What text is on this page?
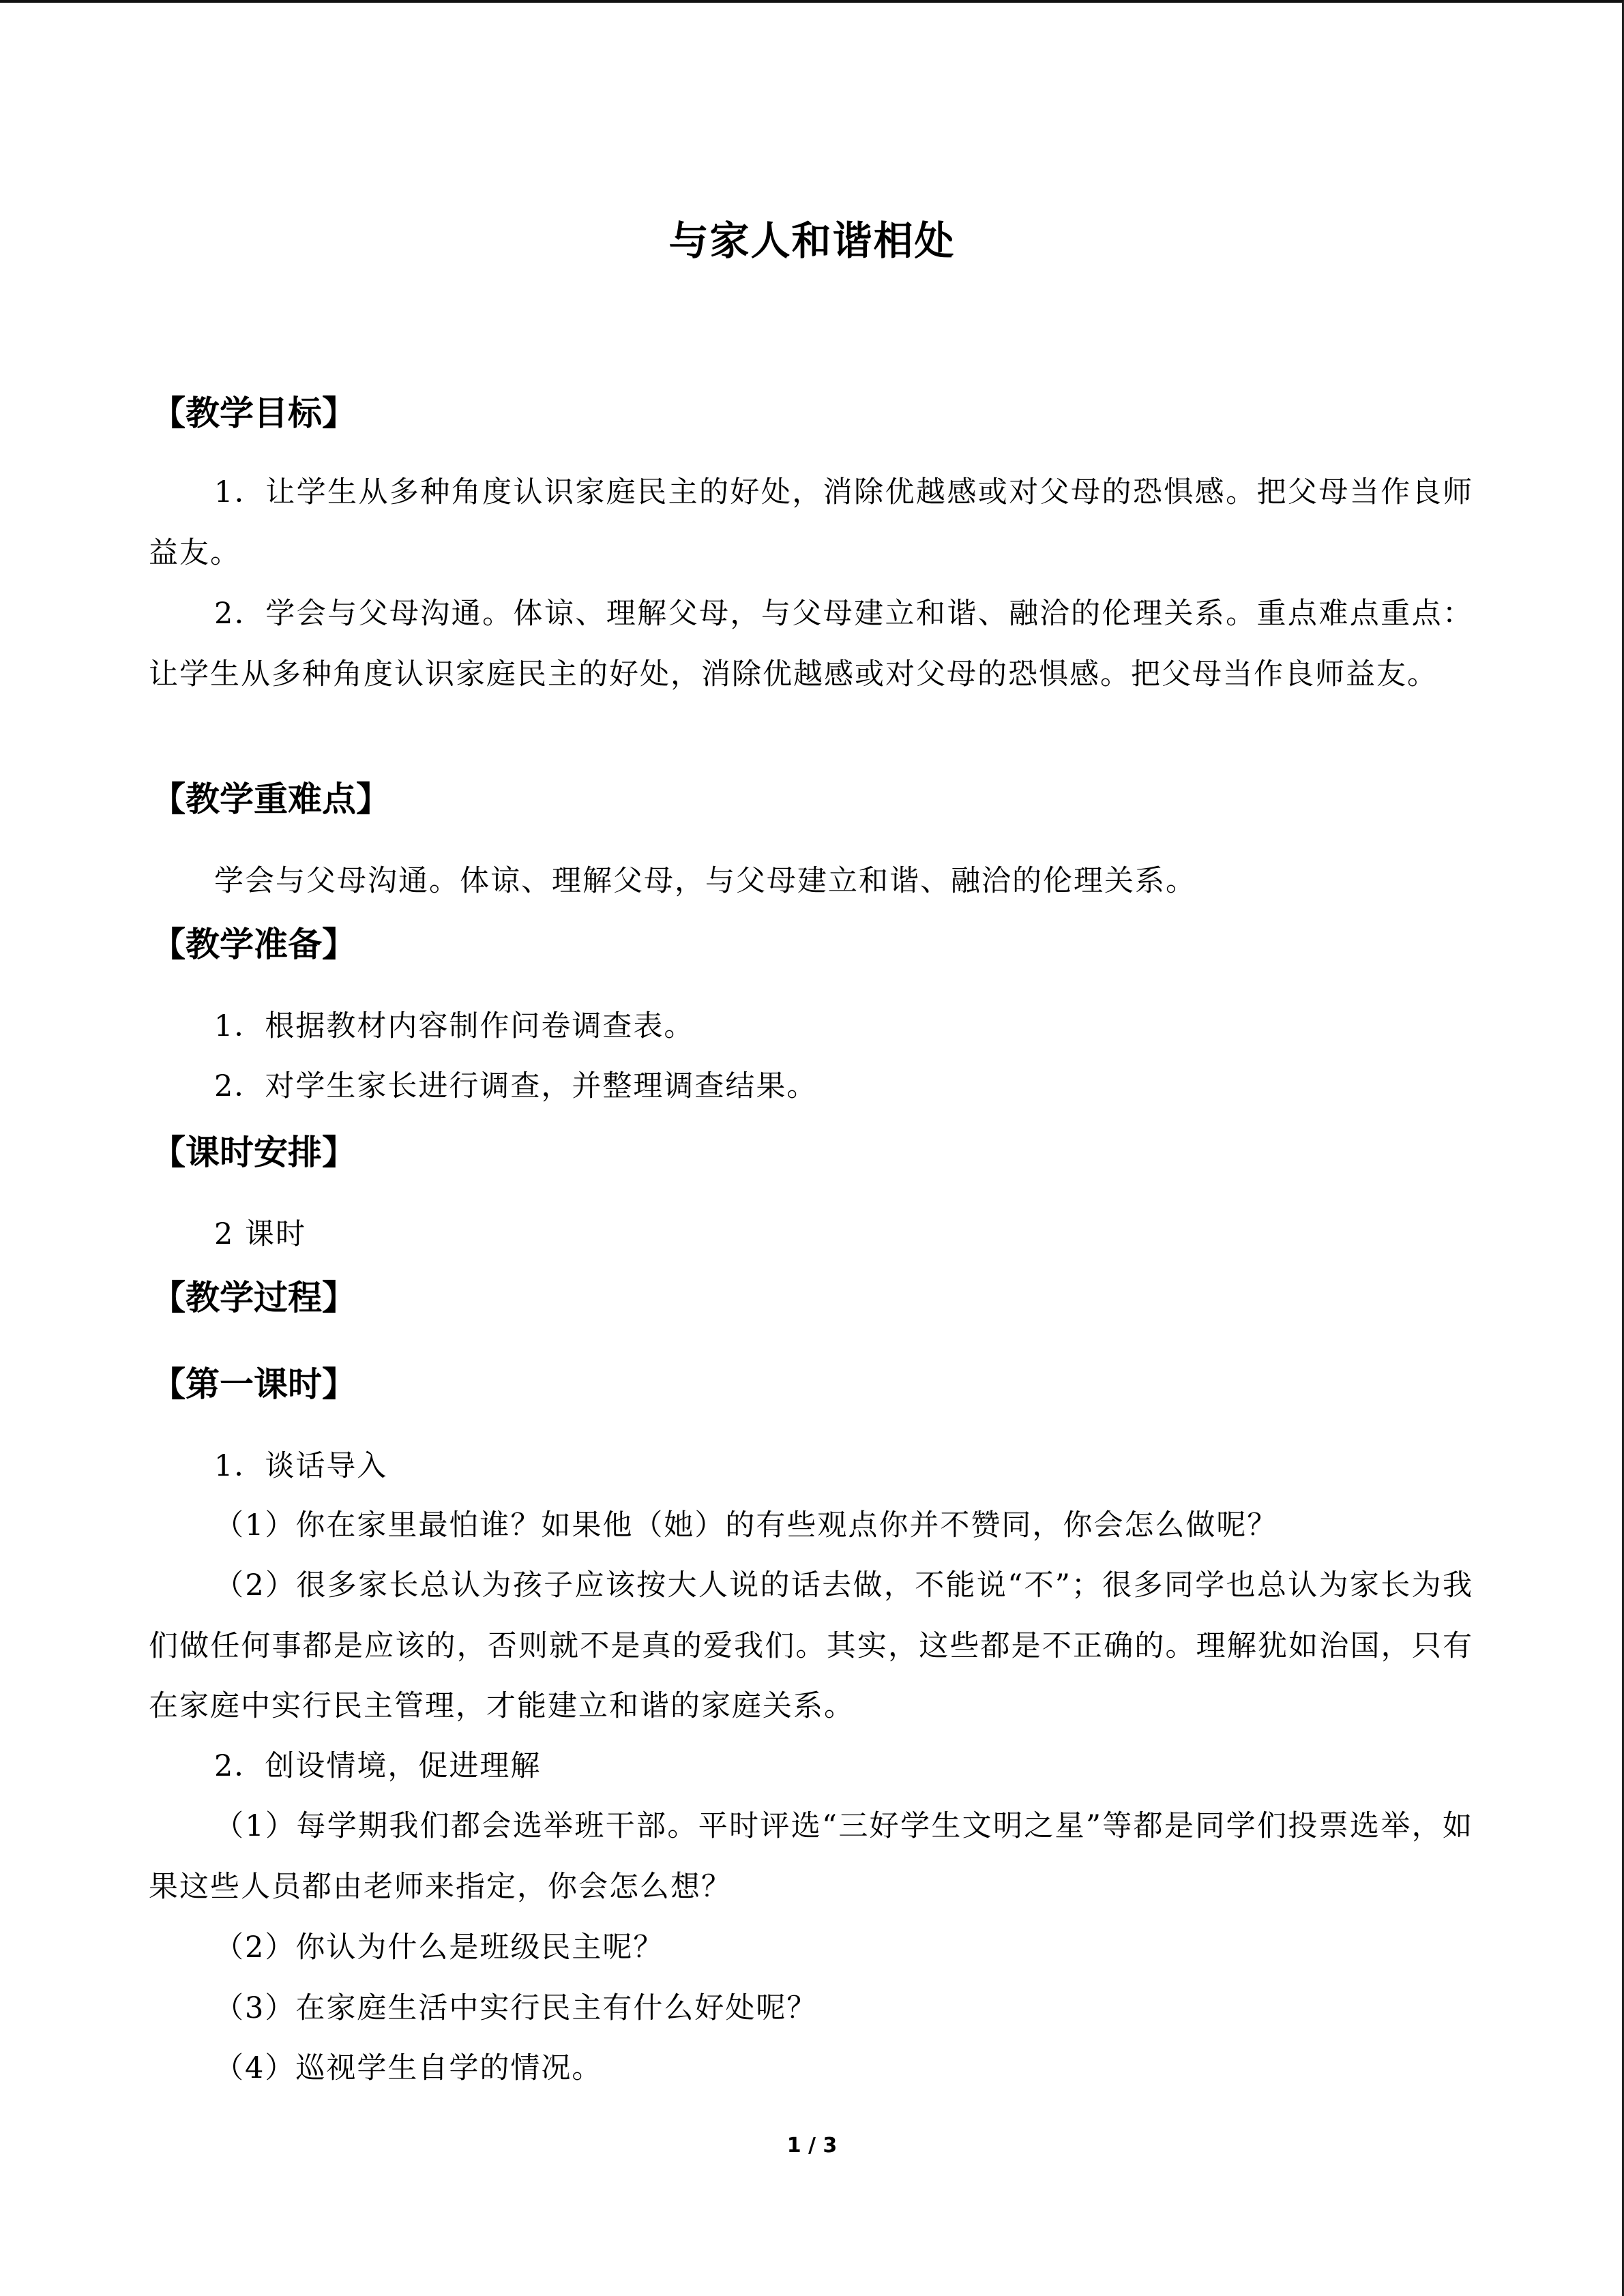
与家人和谐相处
【教学目标】
1．让学生从多种角度认识家庭民主的好处，消除优越感或对父母的恐惧感。把父母当作良师益友。
2．学会与父母沟通。体谅、理解父母，与父母建立和谐、融洽的伦理关系。重点难点重点：让学生从多种角度认识家庭民主的好处，消除优越感或对父母的恐惧感。把父母当作良师益友。
【教学重难点】
学会与父母沟通。体谅、理解父母，与父母建立和谐、融洽的伦理关系。
【教学准备】
1．根据教材内容制作问卷调查表。
2．对学生家长进行调查，并整理调查结果。
【课时安排】
2 课时
【教学过程】
【第一课时】
1．谈话导入
（1）你在家里最怕谁？如果他（她）的有些观点你并不赞同，你会怎么做呢？
（2）很多家长总认为孩子应该按大人说的话去做，不能说“不”；很多同学也总认为家长为我们做任何事都是应该的，否则就不是真的爱我们。其实，这些都是不正确的。理解犹如治国，只有在家庭中实行民主管理，才能建立和谐的家庭关系。
2．创设情境，促进理解
（1）每学期我们都会选举班干部。平时评选“三好学生文明之星”等都是同学们投票选举，如果这些人员都由老师来指定，你会怎么想？
（2）你认为什么是班级民主呢？
（3）在家庭生活中实行民主有什么好处呢？
（4）巡视学生自学的情况。
1 / 3
